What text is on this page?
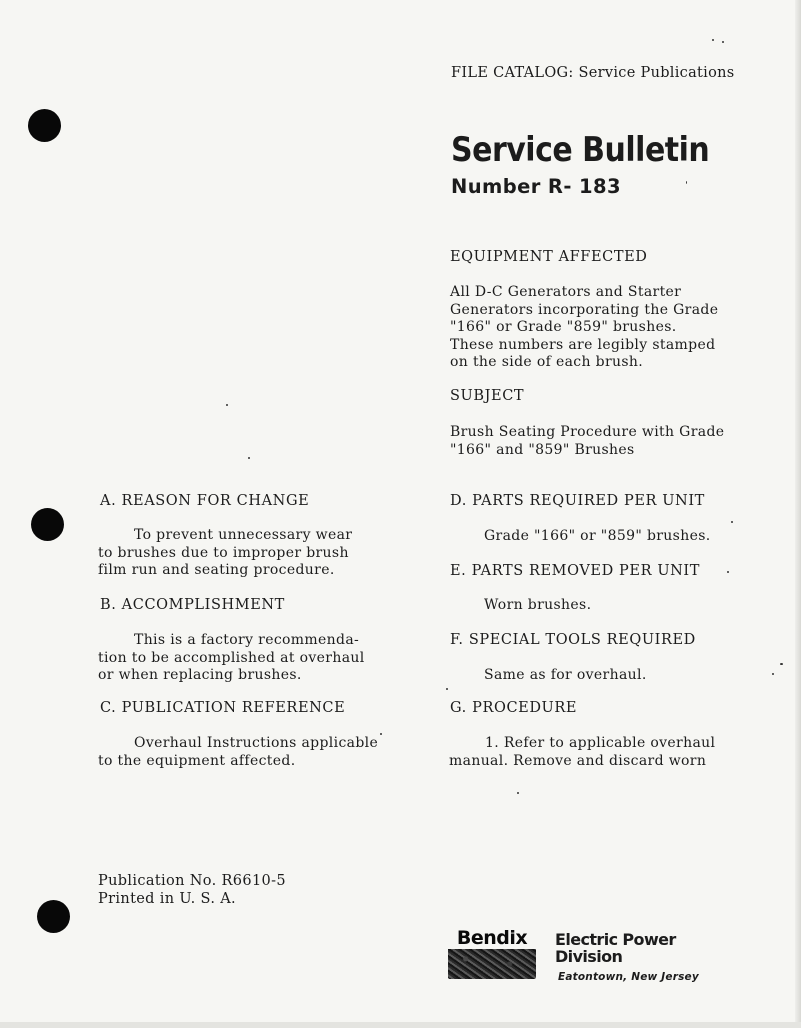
FILE CATALOG: Service Publications
Service Bulletin
Number R- 183
EQUIPMENT AFFECTED
All D-C Generators and Starter
Generators incorporating the Grade
"166" or Grade "859" brushes.
These numbers are legibly stamped
on the side of each brush.
SUBJECT
Brush Seating Procedure with Grade
"166" and "859" Brushes
A. REASON FOR CHANGE
To prevent unnecessary wear
to brushes due to improper brush
film run and seating procedure.
B. ACCOMPLISHMENT
This is a factory recommenda-
tion to be accomplished at overhaul
or when replacing brushes.
C. PUBLICATION REFERENCE
Overhaul Instructions applicable
to the equipment affected.
D. PARTS REQUIRED PER UNIT
Grade "166" or "859" brushes.
E. PARTS REMOVED PER UNIT
Worn brushes.
F. SPECIAL TOOLS REQUIRED
Same as for overhaul.
G. PROCEDURE
1. Refer to applicable overhaul
manual. Remove and discard worn
Publication No. R6610-5
Printed in U. S. A.
Bendix	Electric Power
Division
Eatontown, New Jersey
